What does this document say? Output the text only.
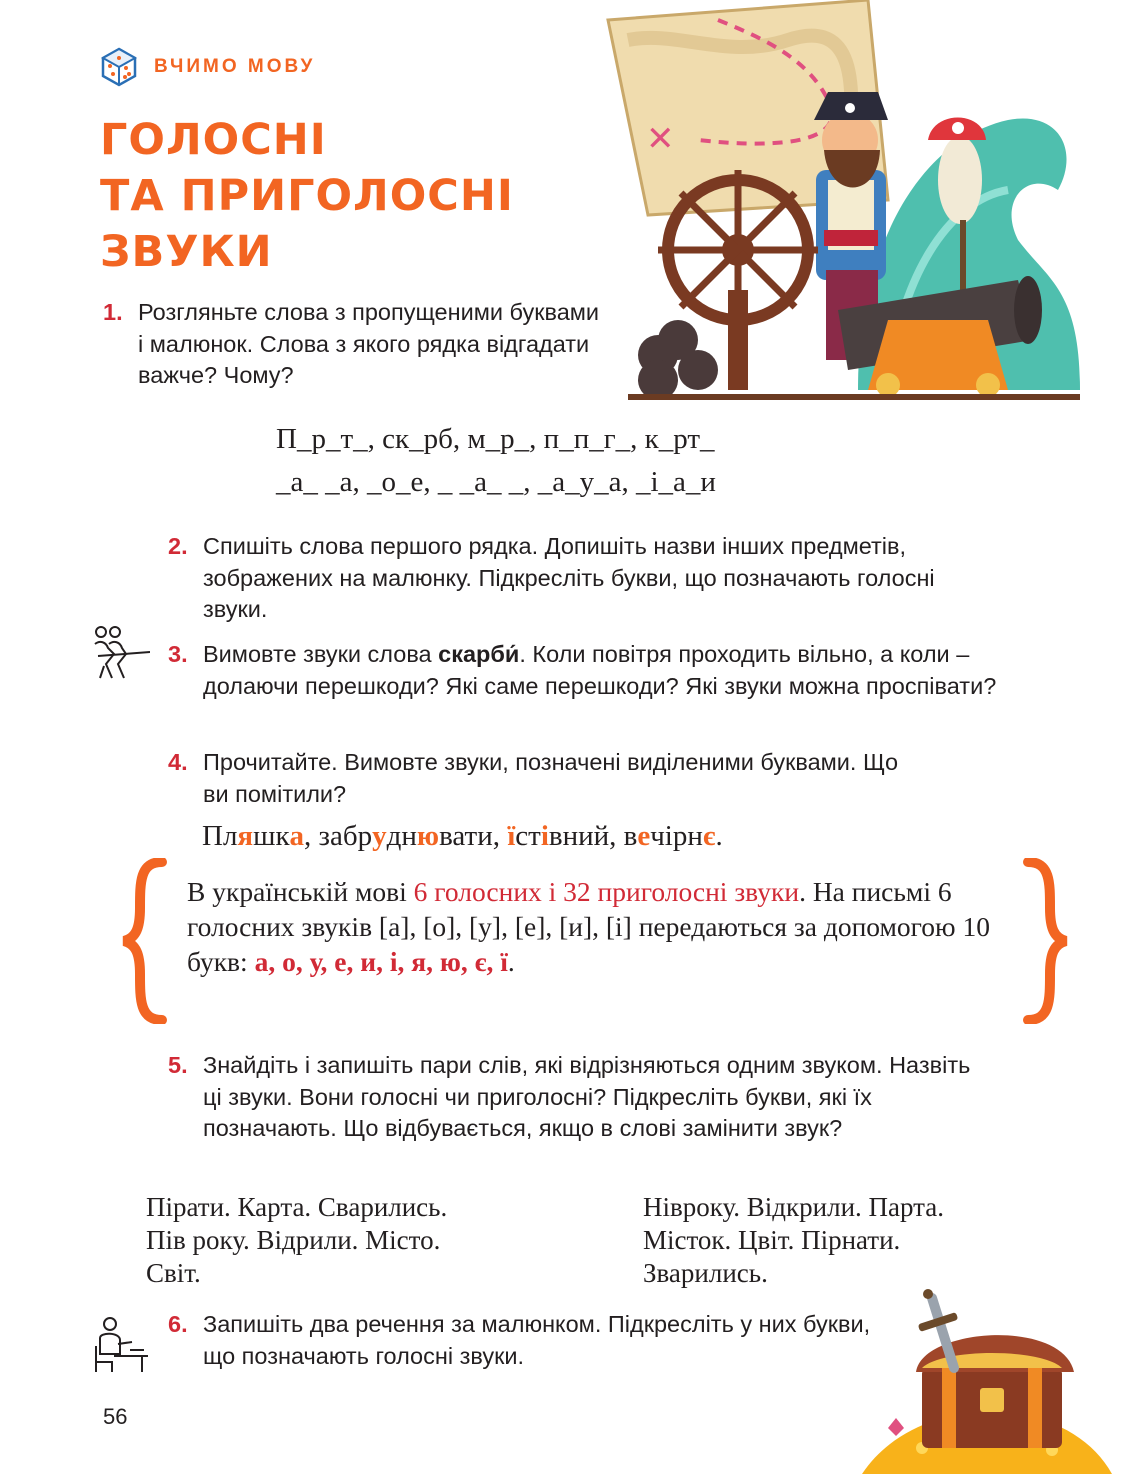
ВЧИМО МОВУ
ГОЛОСНІ
ТА ПРИГОЛОСНІ
ЗВУКИ
✕
1. Розгляньте слова з пропущеними буквами і малюнок. Слова з якого рядка відгадати важче? Чому?
П_р_т_, ск_рб, м_р_, п_п_г_, к_рт_
_а_ _а, _о_е, _ _а_ _, _а_у_а, _і_а_и
2. Спишіть слова першого рядка. Допишіть назви інших предметів, зображених на малюнку. Підкресліть букви, що позначають голосні звуки.
3. Вимовте звуки слова скарби́. Коли повітря проходить вільно, а коли – долаючи перешкоди? Які саме перешкоди? Які звуки можна проспівати?
4. Прочитайте. Вимовте звуки, позначені виділеними буквами. Що ви помітили?
Пляшка, забруднювати, їстівний, вечірнє.
В українській мові 6 голосних і 32 приголосні звуки. На письмі 6 голосних звуків [а], [о], [у], [е], [и], [і] передаються за допомогою 10 букв: а, о, у, е, и, і, я, ю, є, ї.
5. Знайдіть і запишіть пари слів, які відрізняються одним звуком. Назвіть ці звуки. Вони голосні чи приголосні? Підкресліть букви, які їх позначають. Що відбувається, якщо в слові замінити звук?
Пірати. Карта. Сварились.
Пів року. Відрили. Місто.
Світ.
Нівроку. Відкрили. Парта.
Місток. Цвіт. Пірнати.
Зварились.
6. Запишіть два речення за малюнком. Підкресліть у них букви, що позначають голосні звуки.
56
